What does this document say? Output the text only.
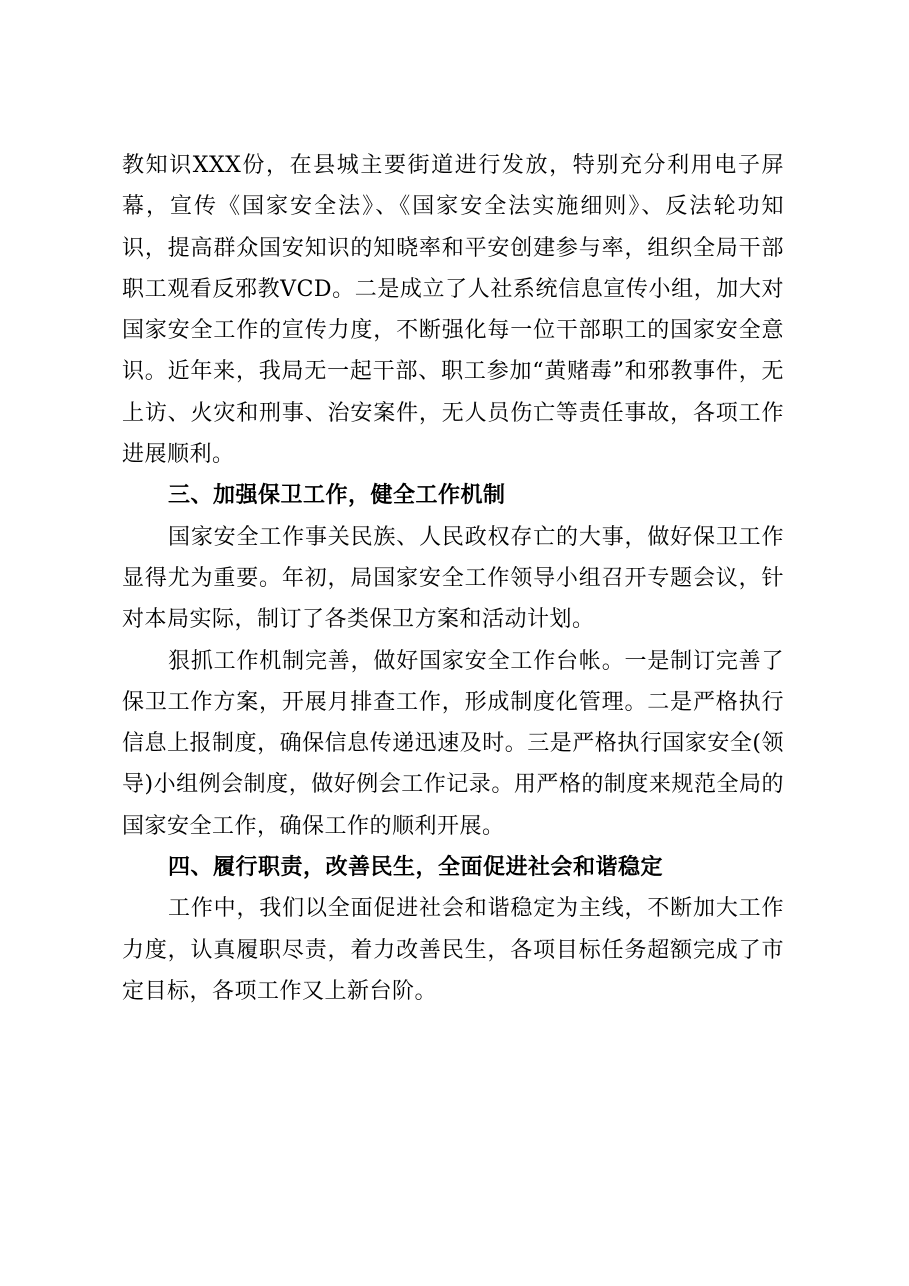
教知识XXX份，在县城主要街道进行发放，特别充分利用电子屏幕，宣传《国家安全法》、《国家安全法实施细则》、反法轮功知识，提高群众国安知识的知晓率和平安创建参与率，组织全局干部职工观看反邪教VCD。二是成立了人社系统信息宣传小组，加大对国家安全工作的宣传力度，不断强化每一位干部职工的国家安全意识。近年来，我局无一起干部、职工参加“黄赌毒”和邪教事件，无上访、火灾和刑事、治安案件，无人员伤亡等责任事故，各项工作进展顺利。

三、加强保卫工作，健全工作机制

国家安全工作事关民族、人民政权存亡的大事，做好保卫工作显得尤为重要。年初，局国家安全工作领导小组召开专题会议，针对本局实际，制订了各类保卫方案和活动计划。

狠抓工作机制完善，做好国家安全工作台帐。一是制订完善了保卫工作方案，开展月排查工作，形成制度化管理。二是严格执行信息上报制度，确保信息传递迅速及时。三是严格执行国家安全(领导)小组例会制度，做好例会工作记录。用严格的制度来规范全局的国家安全工作，确保工作的顺利开展。

四、履行职责，改善民生，全面促进社会和谐稳定

工作中，我们以全面促进社会和谐稳定为主线，不断加大工作力度，认真履职尽责，着力改善民生，各项目标任务超额完成了市定目标，各项工作又上新台阶。
